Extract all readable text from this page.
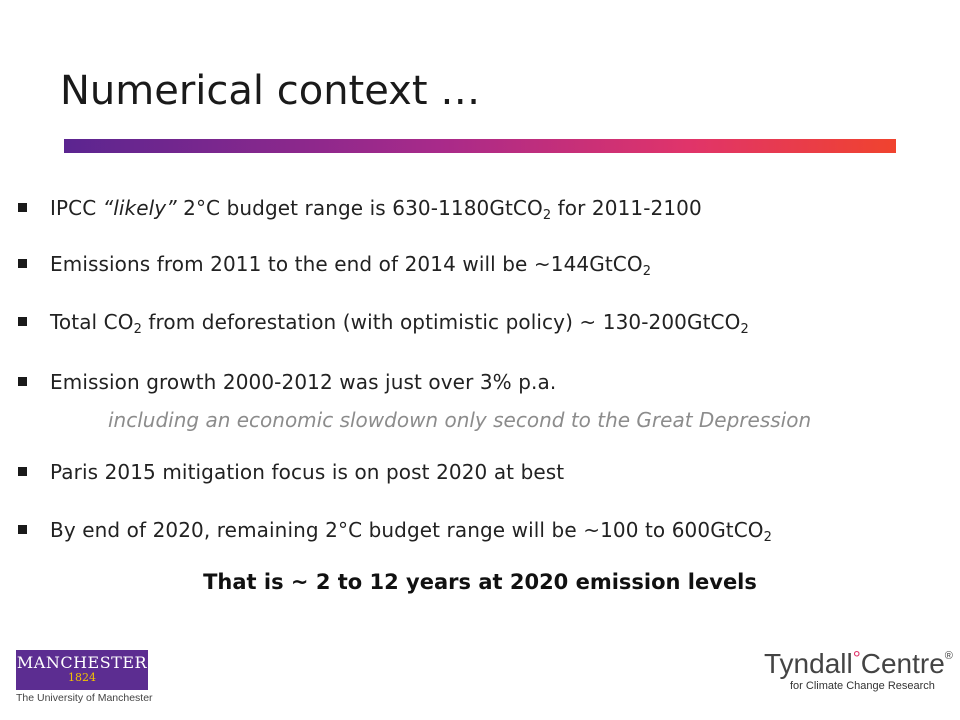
Numerical context …
IPCC “likely” 2°C budget range is 630-1180GtCO$_2$ for 2011-2100
Emissions from 2011 to the end of 2014 will be ~144GtCO$_2$
Total $CO_2$ from deforestation (with optimistic policy) ~ 130-200GtCO$_2$
Emission growth 2000-2012 was just over 3% p.a.
Paris 2015 mitigation focus is on post 2020 at best
By end of 2020, remaining 2°C budget range will be ~100 to 600GtCO$_2$
including an economic slowdown only second to the Great Depression
That is ~ 2 to 12 years at 2020 emission levels
MANCHESTER
1824
The University of Manchester
Tyndall°Centre®
for Climate Change Research
